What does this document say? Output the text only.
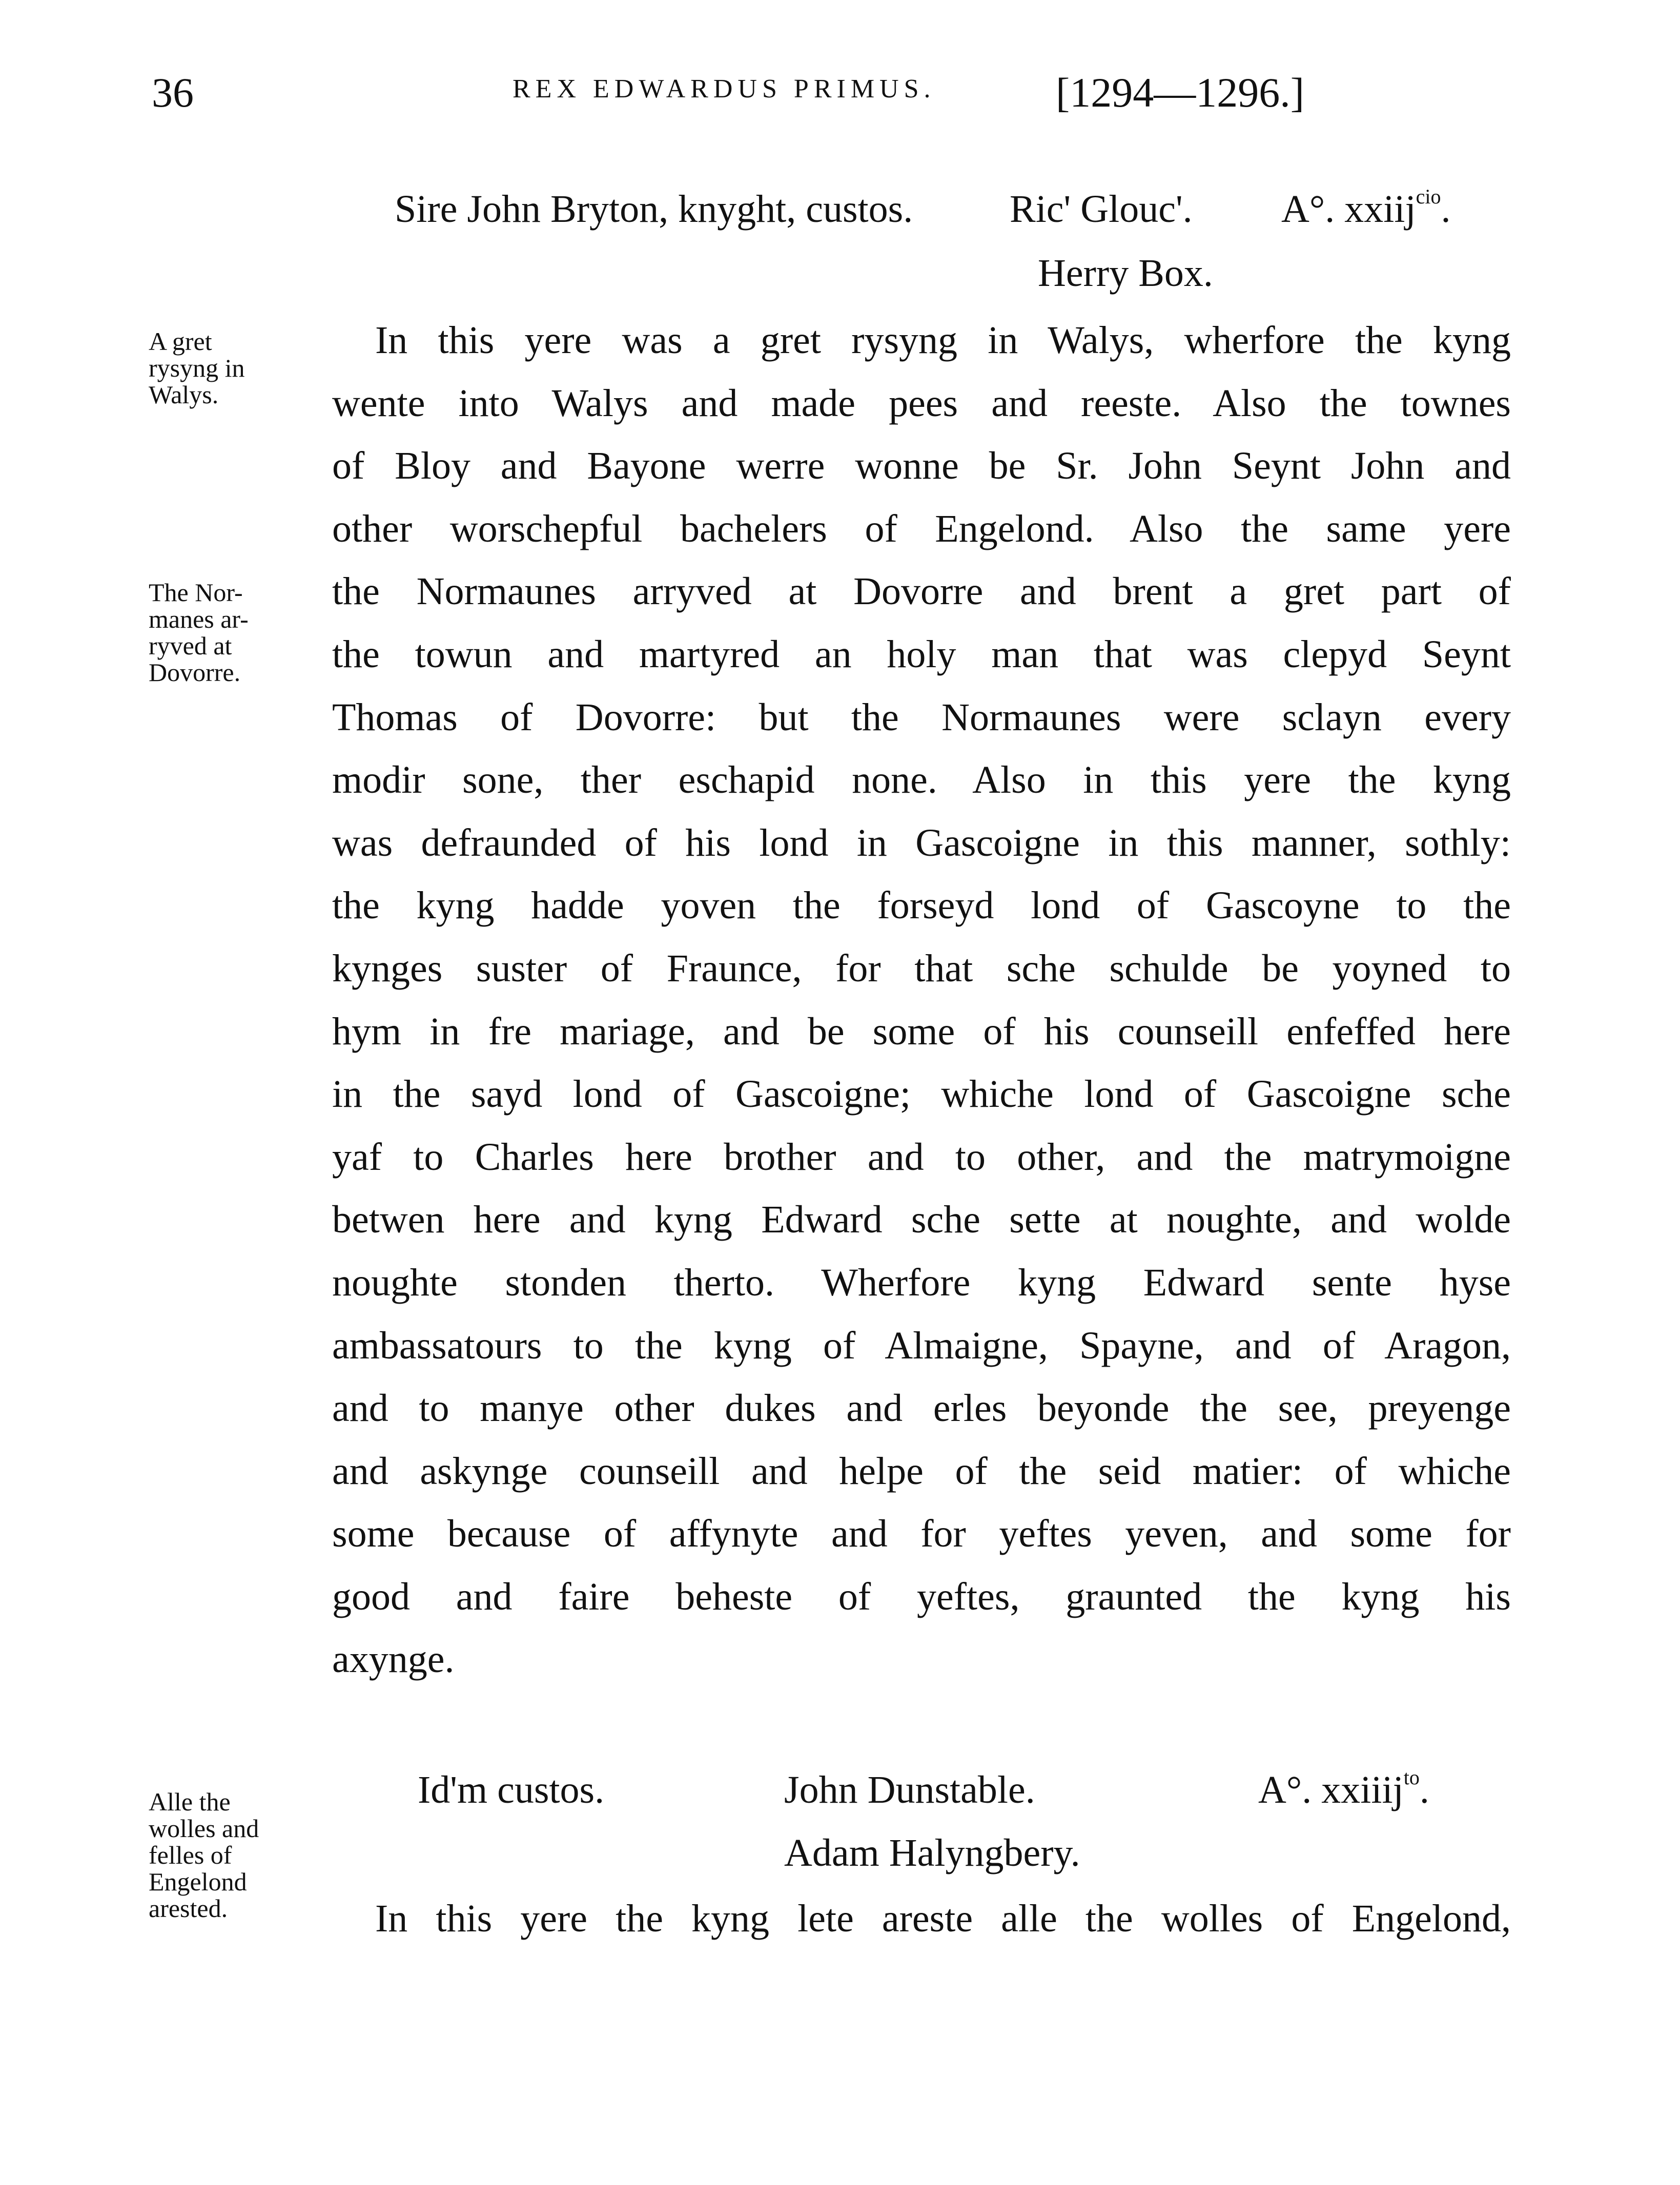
36	REX EDWARDUS PRIMUS.	[1294—1296.]
Sire John Bryton, knyght, custos. Ric' Glouc'. A°. xxiij$^{cio}$.
Herry Box.
A gret
rysyng in
Walys.
The Nor-
manes ar-
ryved at
Dovorre.
In this yere was a gret rysyng in Walys, wherfore the kyng
wente into Walys and made pees and reeste. Also the townes
of Bloy and Bayone werre wonne be Sr. John Seynt John and
other worschepful bachelers of Engelond. Also the same yere
the Normaunes arryved at Dovorre and brent a gret part of
the towun and martyred an holy man that was clepyd Seynt
Thomas of Dovorre: but the Normaunes were sclayn every
modir sone, ther eschapid none. Also in this yere the kyng
was defraunded of his lond in Gascoigne in this manner, sothly:
the kyng hadde yoven the forseyd lond of Gascoyne to the
kynges suster of Fraunce, for that sche schulde be yoyned to
hym in fre mariage, and be some of his counseill enfeffed here
in the sayd lond of Gascoigne; whiche lond of Gascoigne sche
yaf to Charles here brother and to other, and the matrymoigne
betwen here and kyng Edward sche sette at noughte, and wolde
noughte stonden therto. Wherfore kyng Edward sente hyse
ambassatours to the kyng of Almaigne, Spayne, and of Aragon,
and to manye other dukes and erles beyonde the see, preyenge
and askynge counseill and helpe of the seid matier: of whiche
some because of affynyte and for yeftes yeven, and some for
good and faire beheste of yeftes, graunted the kyng his
axynge.
Id'm custos.	John Dunstable.	A°. xxiiij$^{to}$.
Adam Halyngbery.
Alle the
wolles and
felles of
Engelond
arested.	In this yere the kyng lete areste alle the wolles of Engelond,
